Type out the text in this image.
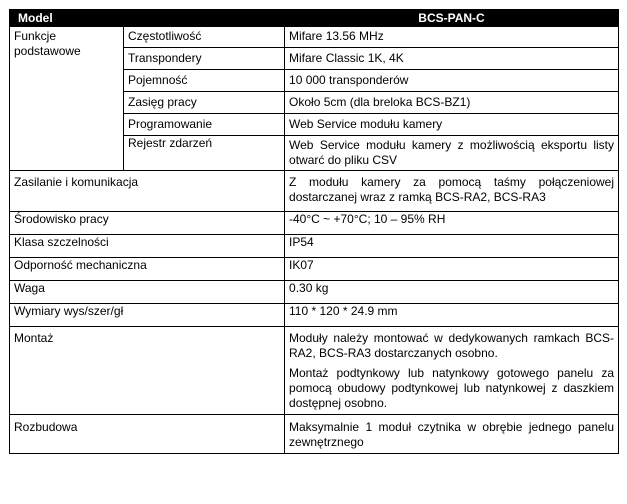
Model		BCS-PAN-C
Funkcje podstawowe	Częstotliwość	Mifare 13.56 MHz
	Transpondery	Mifare Classic 1K, 4K
	Pojemność	10 000 transponderów
	Zasięg pracy	Około 5cm (dla breloka BCS-BZ1)
	Programowanie	Web Service modułu kamery
	Rejestr zdarzeń	Web Service modułu kamery z możliwością eksportu listy otwarć do pliku CSV
Zasilanie i komunikacja		Z modułu kamery za pomocą taśmy połączeniowej dostarczanej wraz z ramką BCS-RA2, BCS-RA3
Środowisko pracy		-40°C ~ +70°C; 10 – 95% RH
Klasa szczelności		IP54
Odporność mechaniczna		IK07
Waga		0.30 kg
Wymiary wys/szer/gł		110 * 120 * 24.9 mm
Montaż		Moduły należy montować w dedykowanych ramkach BCS-RA2, BCS-RA3 dostarczanych osobno.
Montaż podtynkowy lub natynkowy gotowego panelu za pomocą obudowy podtynkowej lub natynkowej z daszkiem dostępnej osobno.

Rozbudowa		Maksymalnie 1 moduł czytnika w obrębie jednego panelu zewnętrznego
